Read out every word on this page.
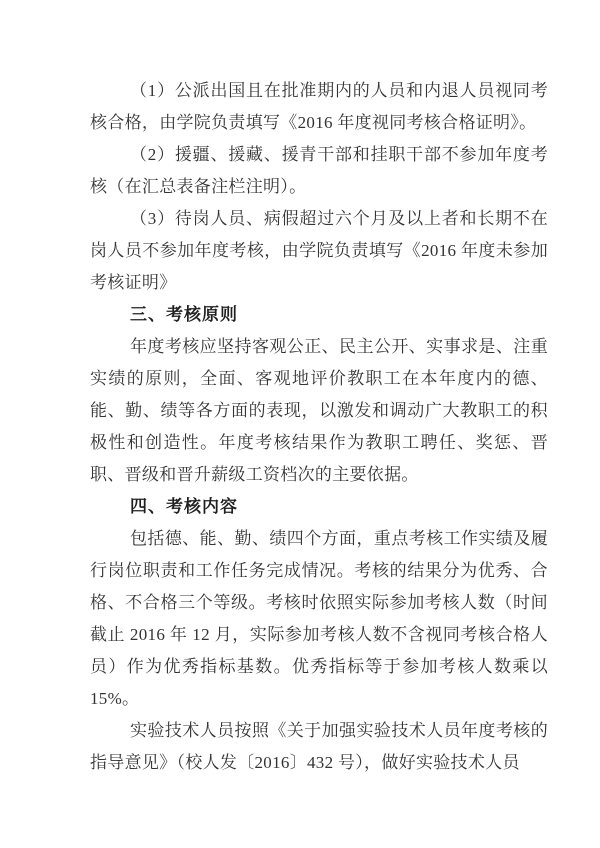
（1）公派出国且在批准期内的人员和内退人员视同考核合格，由学院负责填写《2016 年度视同考核合格证明》。

（2）援疆、援藏、援青干部和挂职干部不参加年度考核（在汇总表备注栏注明）。

（3）待岗人员、病假超过六个月及以上者和长期不在岗人员不参加年度考核，由学院负责填写《2016 年度未参加考核证明》

三、考核原则

年度考核应坚持客观公正、民主公开、实事求是、注重实绩的原则，全面、客观地评价教职工在本年度内的德、能、勤、绩等各方面的表现，以激发和调动广大教职工的积极性和创造性。年度考核结果作为教职工聘任、奖惩、晋职、晋级和晋升薪级工资档次的主要依据。

四、考核内容

包括德、能、勤、绩四个方面，重点考核工作实绩及履行岗位职责和工作任务完成情况。考核的结果分为优秀、合格、不合格三个等级。考核时依照实际参加考核人数（时间截止 2016 年 12 月，实际参加考核人数不含视同考核合格人员）作为优秀指标基数。优秀指标等于参加考核人数乘以15%。

实验技术人员按照《关于加强实验技术人员年度考核的指导意见》（校人发〔2016〕432 号），做好实验技术人员
